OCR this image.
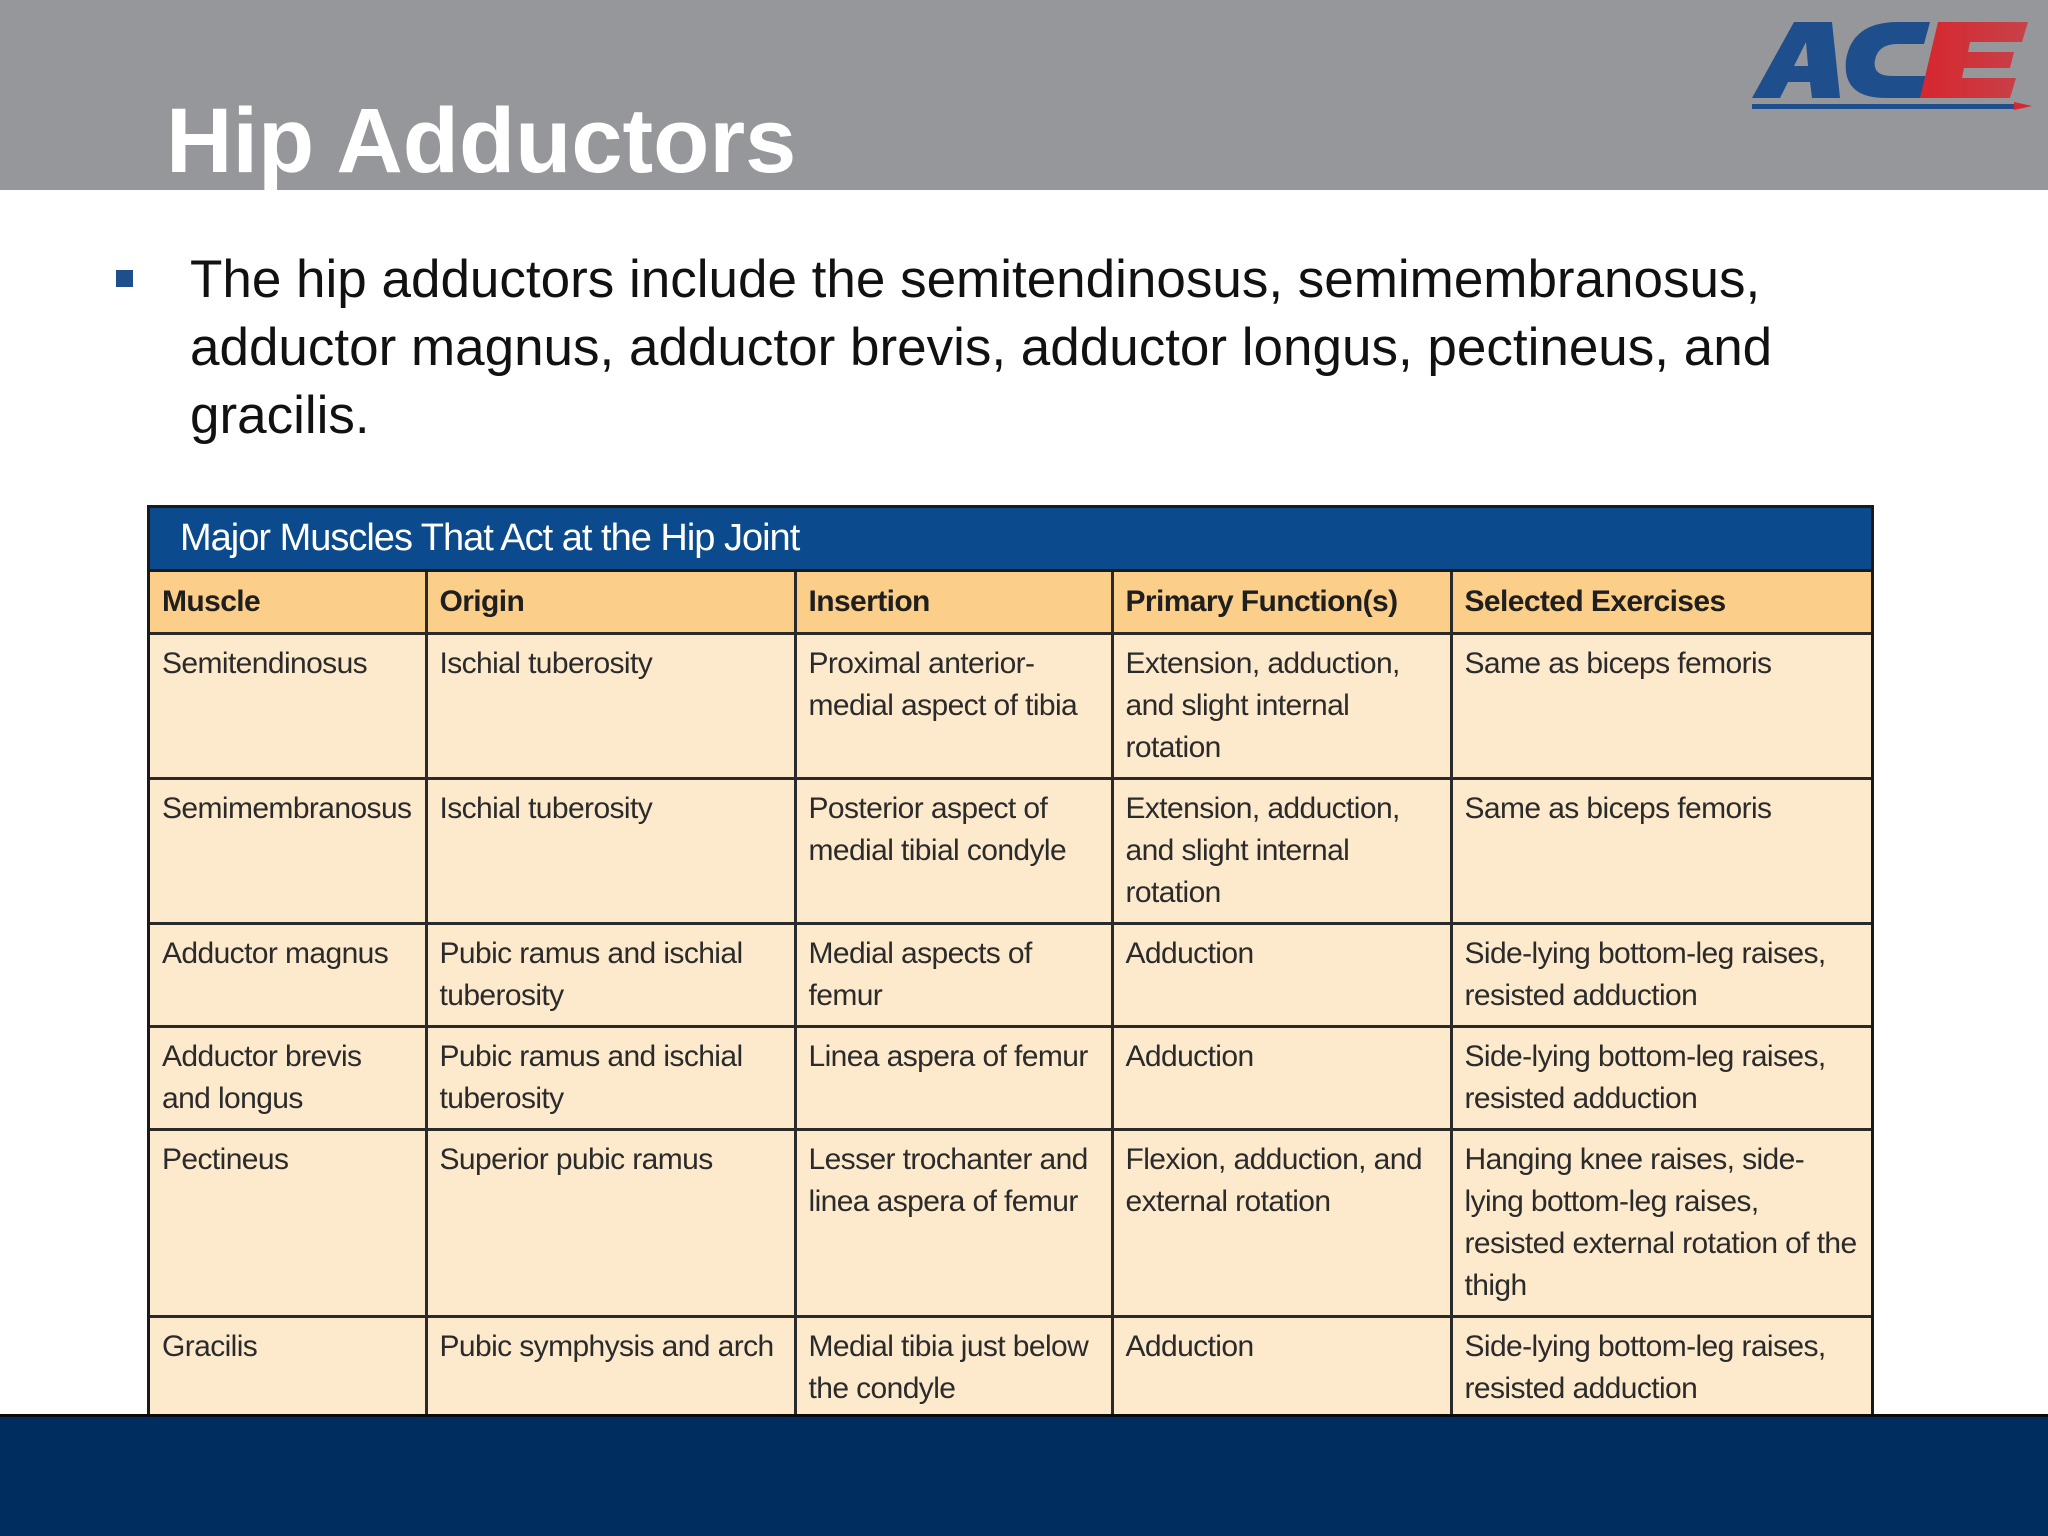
Hip Adductors
The hip adductors include the semitendinosus, semimembranosus, adductor magnus, adductor brevis, adductor longus, pectineus, and gracilis.
Major Muscles That Act at the Hip Joint
Muscle	Origin	Insertion	Primary Function(s)	Selected Exercises
Semitendinosus	Ischial tuberosity	Proximal anterior-medial aspect of tibia	Extension, adduction, and slight internal rotation	Same as biceps femoris
Semimembranosus	Ischial tuberosity	Posterior aspect of medial tibial condyle	Extension, adduction, and slight internal rotation	Same as biceps femoris
Adductor magnus	Pubic ramus and ischial tuberosity	Medial aspects of femur	Adduction	Side-lying bottom-leg raises, resisted adduction
Adductor brevis and longus	Pubic ramus and ischial tuberosity	Linea aspera of femur	Adduction	Side-lying bottom-leg raises, resisted adduction
Pectineus	Superior pubic ramus	Lesser trochanter and linea aspera of femur	Flexion, adduction, and external rotation	Hanging knee raises, side-lying bottom-leg raises, resisted external rotation of the thigh
Gracilis	Pubic symphysis and arch	Medial tibia just below the condyle	Adduction	Side-lying bottom-leg raises, resisted adduction
